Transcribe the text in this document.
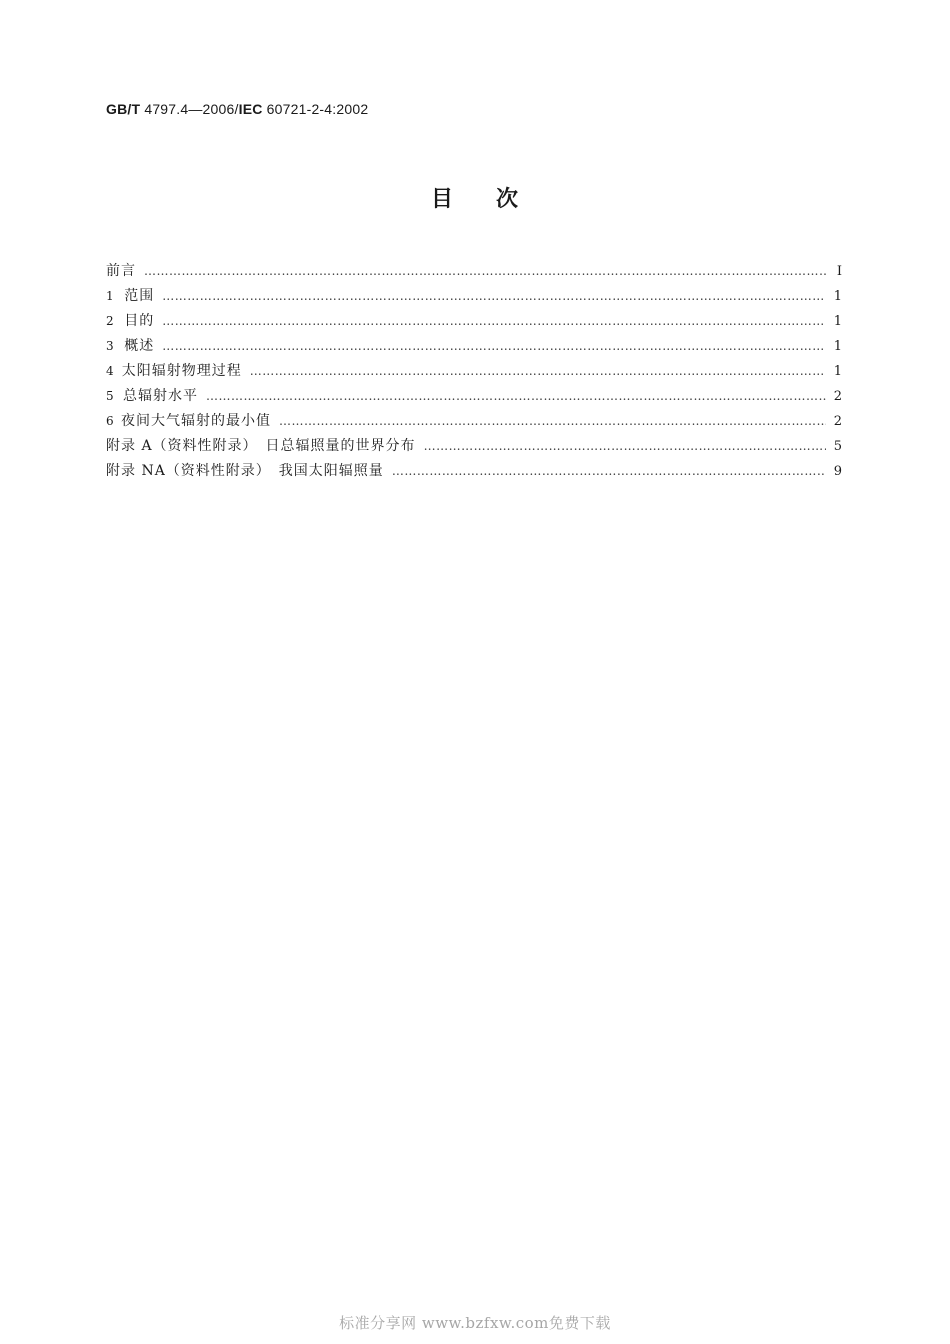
GB/T 4797.4—2006/IEC 60721-2-4:2002
目 次
前言 …………………………………………………………………………………………………………………………………………………………………………………………	Ⅰ
1 范围 …………………………………………………………………………………………………………………………………………………………………………………………	1
2 目的 …………………………………………………………………………………………………………………………………………………………………………………………	1
3 概述 …………………………………………………………………………………………………………………………………………………………………………………………	1
4 太阳辐射物理过程 …………………………………………………………………………………………………………………………………………………………………………………………	1
5 总辐射水平 …………………………………………………………………………………………………………………………………………………………………………………………	2
6 夜间大气辐射的最小值 …………………………………………………………………………………………………………………………………………………………………………………………	2
附录 A（资料性附录）　日总辐照量的世界分布 …………………………………………………………………………………………………………………………………………………………………………………………	5
附录 NA（资料性附录）　我国太阳辐照量 …………………………………………………………………………………………………………………………………………………………………………………………	9
标准分享网 www.bzfxw.com免费下载
